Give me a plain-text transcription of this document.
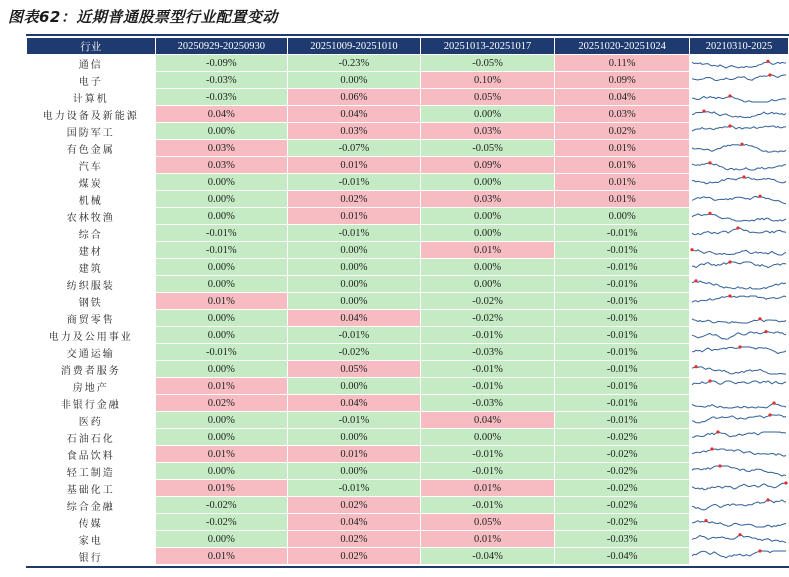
图表62：近期普通股票型行业配置变动
行业	20250929-20250930	20251009-20251010	20251013-20251017	20251020-20251024	20210310-2025
通信	-0.09%	-0.23%	-0.05%	0.11%	

电子	-0.03%	0.00%	0.10%	0.09%	

计算机	-0.03%	0.06%	0.05%	0.04%	

电力设备及新能源	0.04%	0.04%	0.00%	0.03%	

国防军工	0.00%	0.03%	0.03%	0.02%	

有色金属	0.03%	-0.07%	-0.05%	0.01%	

汽车	0.03%	0.01%	0.09%	0.01%	

煤炭	0.00%	-0.01%	0.00%	0.01%	

机械	0.00%	0.02%	0.03%	0.01%	

农林牧渔	0.00%	0.01%	0.00%	0.00%	

综合	-0.01%	-0.01%	0.00%	-0.01%	

建材	-0.01%	0.00%	0.01%	-0.01%	

建筑	0.00%	0.00%	0.00%	-0.01%	

纺织服装	0.00%	0.00%	0.00%	-0.01%	

钢铁	0.01%	0.00%	-0.02%	-0.01%	

商贸零售	0.00%	0.04%	-0.02%	-0.01%	

电力及公用事业	0.00%	-0.01%	-0.01%	-0.01%	

交通运输	-0.01%	-0.02%	-0.03%	-0.01%	

消费者服务	0.00%	0.05%	-0.01%	-0.01%	

房地产	0.01%	0.00%	-0.01%	-0.01%	

非银行金融	0.02%	0.04%	-0.03%	-0.01%	

医药	0.00%	-0.01%	0.04%	-0.01%	

石油石化	0.00%	0.00%	0.00%	-0.02%	

食品饮料	0.01%	0.01%	-0.01%	-0.02%	

轻工制造	0.00%	0.00%	-0.01%	-0.02%	

基础化工	0.01%	-0.01%	0.01%	-0.02%	

综合金融	-0.02%	0.02%	-0.01%	-0.02%	

传媒	-0.02%	0.04%	0.05%	-0.02%	

家电	0.00%	0.02%	0.01%	-0.03%	

银行	0.01%	0.02%	-0.04%	-0.04%	
